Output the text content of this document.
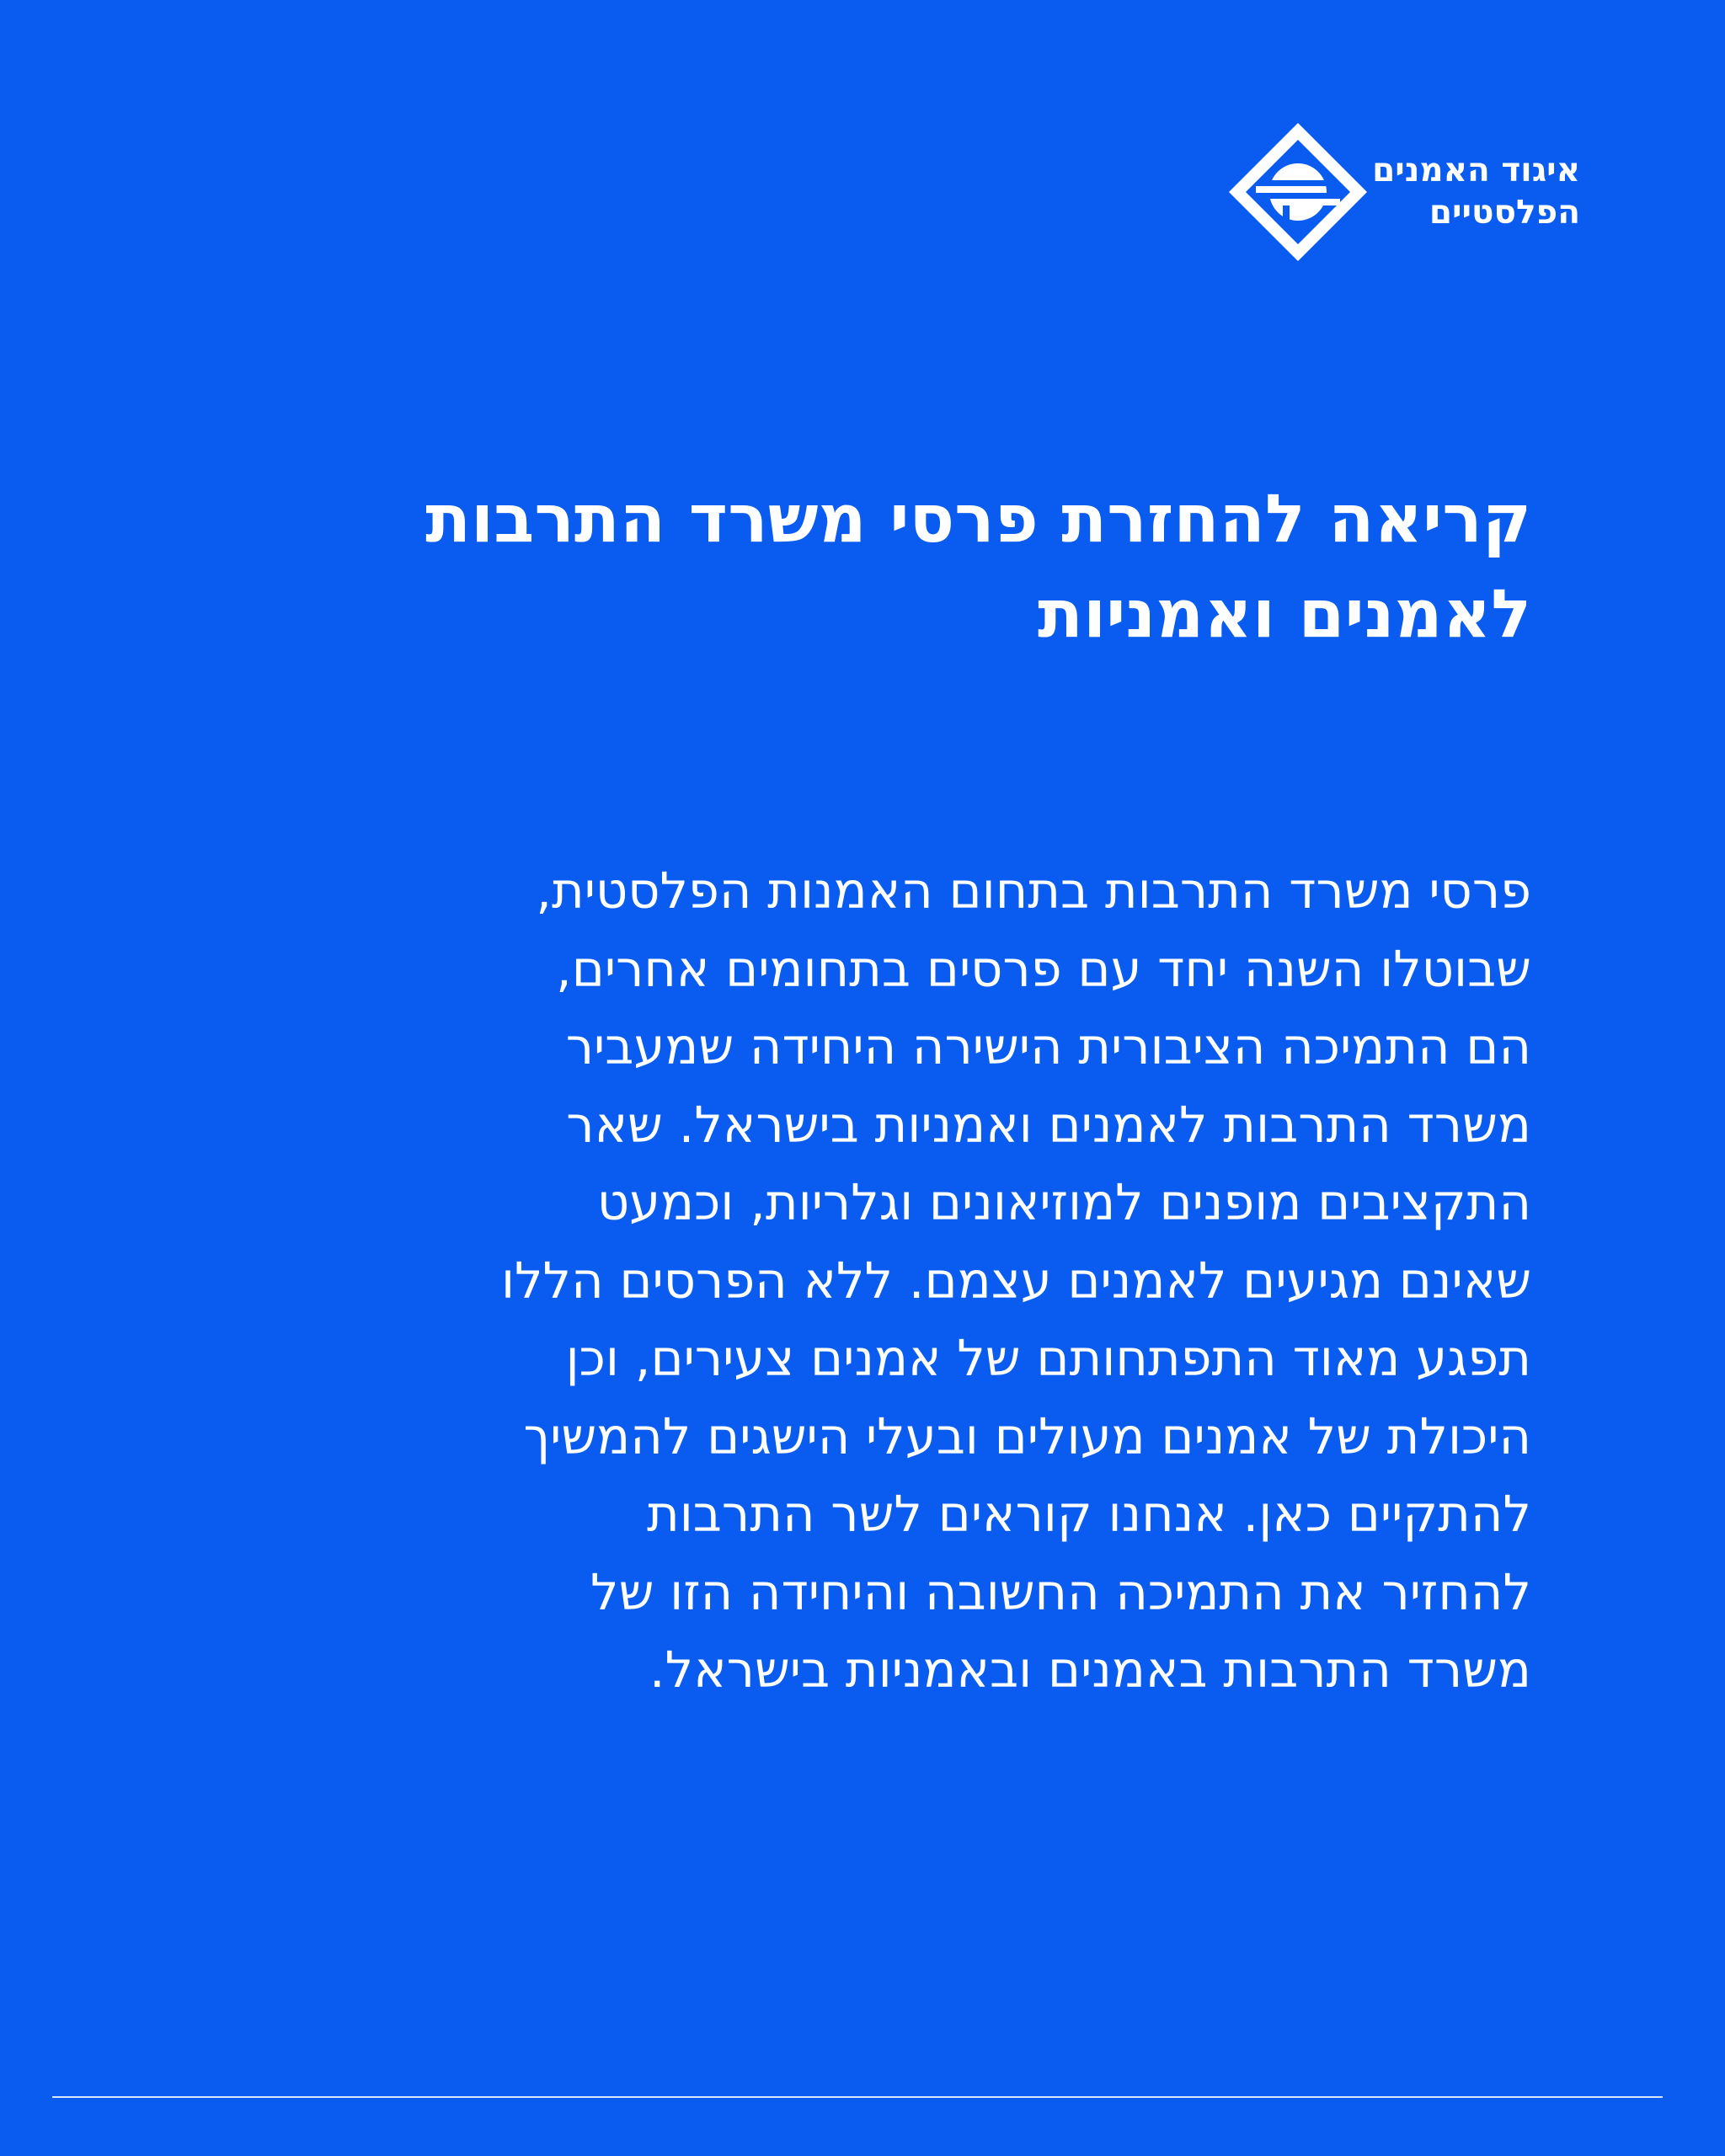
איגוד האמנים
הפלסטיים
קריאה להחזרת פרסי משרד התרבות
לאמנים ואמניות
פרסי משרד התרבות בתחום האמנות הפלסטית,
שבוטלו השנה יחד עם פרסים בתחומים אחרים,
הם התמיכה הציבורית הישירה היחידה שמעביר
משרד התרבות לאמנים ואמניות בישראל. שאר
התקציבים מופנים למוזיאונים וגלריות, וכמעט
שאינם מגיעים לאמנים עצמם. ללא הפרסים הללו
תפגע מאוד התפתחותם של אמנים צעירים, וכן
היכולת של אמנים מעולים ובעלי הישגים להמשיך
להתקיים כאן. אנחנו קוראים לשר התרבות
להחזיר את התמיכה החשובה והיחידה הזו של
משרד התרבות באמנים ובאמניות בישראל.
